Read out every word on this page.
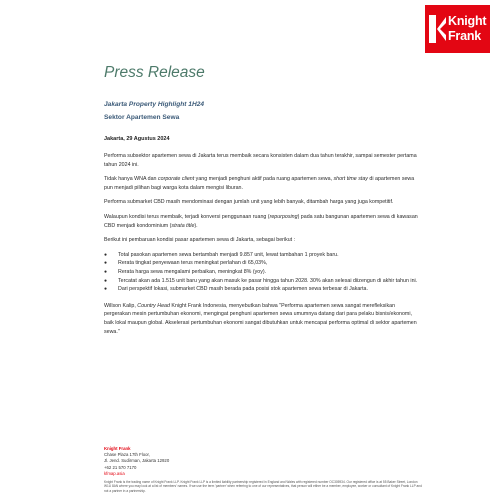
Knight
Frank
Press Release
Jakarta Property Highlight 1H24
Sektor Apartemen Sewa
Jakarta, 29 Agustus 2024

Performa subsektor apartemen sewa di Jakarta terus membaik secara konsisten dalam dua tahun terakhir, sampai semester pertama tahun 2024 ini.

Tidak hanya WNA dan corporate client yang menjadi penghuni aktif pada ruang apartemen sewa, short time stay di apartemen sewa pun menjadi pilihan bagi warga kota dalam mengisi liburan.

Performa submarket CBD masih mendominasi dengan jumlah unit yang lebih banyak, ditambah harga yang juga kompetitif.

Walaupun kondisi terus membaik, terjadi konversi penggunaan ruang (repurposing) pada satu bangunan apartemen sewa di kawasan CBD menjadi kondominium (strata title).

Berikut ini pembaruan kondisi pasar apartemen sewa di Jakarta, sebagai berikut :

● Total pasokan apartemen sewa bertambah menjadi 9.857 unit, lewat tambahan 1 proyek baru.
● Rerata tingkat penyewaan terus meningkat perlahan di 65,03%,
● Rerata harga sewa mengalami perbaikan, meningkat 8% (yoy).
● Tercatat akan ada 1.515 unit baru yang akan masuk ke pasar hingga tahun 2028. 30% akan selesai diizengun di akhir tahun ini.
● Dari perspektif lokasi, submarket CBD masih berada pada posisi stok apartemen sewa terbesar di Jakarta.

Willson Kalip, Country Head Knight Frank Indonesia, menyebutkan bahwa "Performa apartemen sewa sangat merefleksikan pergerakan mesin pertumbuhan ekonomi, mengingat penghuni apartemen sewa umumnya datang dari para pelaku bisnis/ekonomi, baik lokal maupun global. Akselerasi pertumbuhan ekonomi sangat dibutuhkan untuk mencapai performa optimal di sektor apartemen sewa."

Knight Frank
Chase Plaza 17th Floor,
Jl. Jend. Sudirman, Jakarta 12920
+62 21 570 7170
kfmap.asia
Knight Frank is the trading name of Knight Frank LLP. Knight Frank LLP is a limited liability partnership registered in England and Wales with registered number OC305934. Our registered office is at 55 Baker Street, London W1U 8AN where you may look at a list of members' names. If we use the term 'partner' when referring to one of our representatives, that person will either be a member, employee, worker or consultant of Knight Frank LLP and not a partner in a partnership.
